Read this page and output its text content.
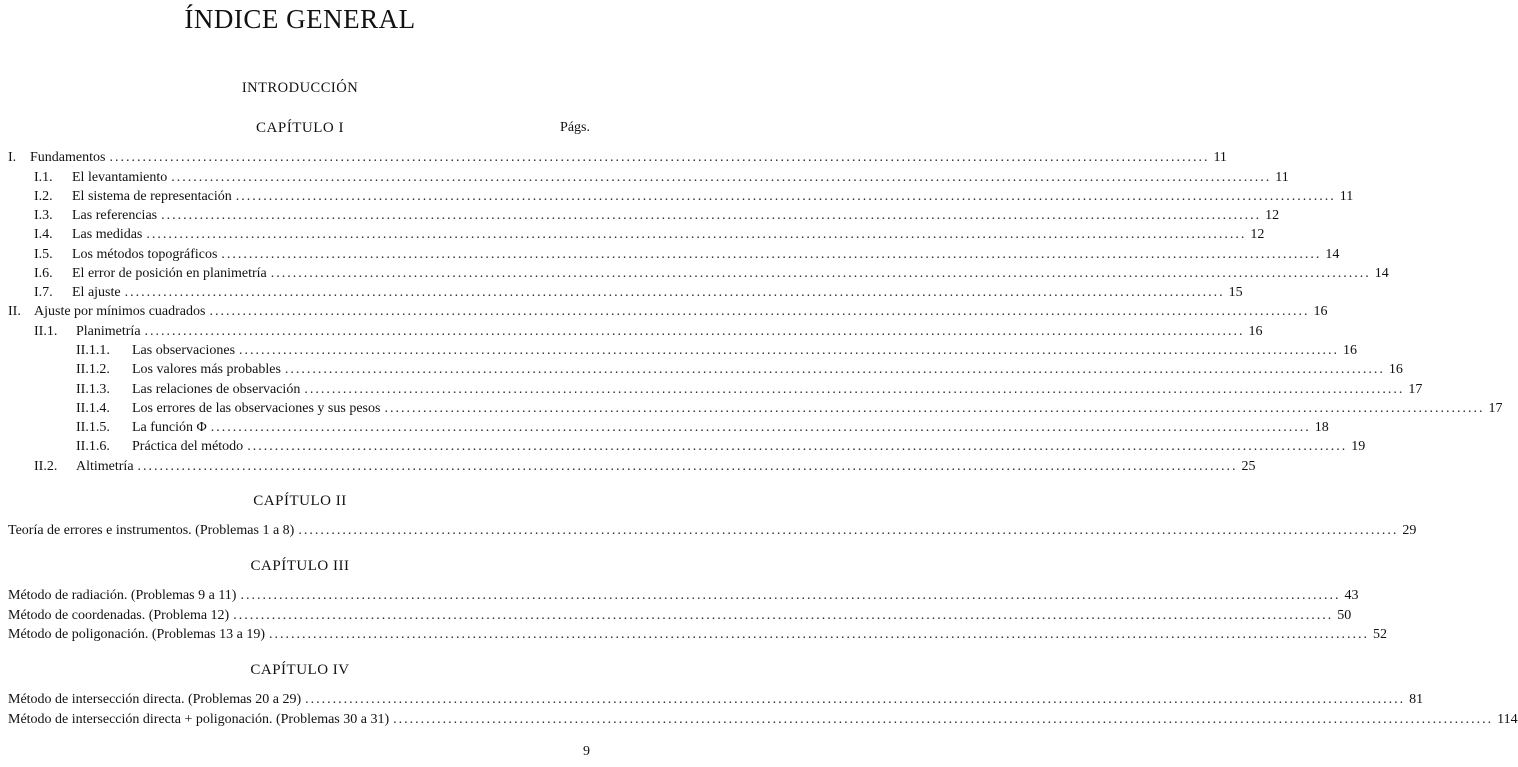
ÍNDICE GENERAL
INTRODUCCIÓN
CAPÍTULO I	Págs.
I. Fundamentos ........................................................................................................................................................................................................ 11
I.1.	El levantamiento ........................................................................................................................................................................................................ 11
I.2.	El sistema de representación ........................................................................................................................................................................................................ 11
I.3.	Las referencias ........................................................................................................................................................................................................ 12
I.4.	Las medidas ........................................................................................................................................................................................................ 12
I.5.	Los métodos topográficos ........................................................................................................................................................................................................ 14
I.6.	El error de posición en planimetría ........................................................................................................................................................................................................ 14
I.7.	El ajuste ........................................................................................................................................................................................................ 15
II. Ajuste por mínimos cuadrados ........................................................................................................................................................................................................ 16
II.1.	Planimetría ........................................................................................................................................................................................................ 16
II.1.1.	Las observaciones ........................................................................................................................................................................................................ 16
II.1.2.	Los valores más probables ........................................................................................................................................................................................................ 16
II.1.3.	Las relaciones de observación ........................................................................................................................................................................................................ 17
II.1.4.	Los errores de las observaciones y sus pesos ........................................................................................................................................................................................................ 17
II.1.5.	La función Φ ........................................................................................................................................................................................................ 18
II.1.6.	Práctica del método ........................................................................................................................................................................................................ 19
II.2.	Altimetría ........................................................................................................................................................................................................ 25
CAPÍTULO II
Teoría de errores e instrumentos. (Problemas 1 a 8) ........................................................................................................................................................................................................ 29
CAPÍTULO III
Método de radiación. (Problemas 9 a 11) ........................................................................................................................................................................................................ 43
Método de coordenadas. (Problema 12) ........................................................................................................................................................................................................ 50
Método de poligonación. (Problemas 13 a 19) ........................................................................................................................................................................................................ 52
CAPÍTULO IV
Método de intersección directa. (Problemas 20 a 29) ........................................................................................................................................................................................................ 81
Método de intersección directa + poligonación. (Problemas 30 a 31) ........................................................................................................................................................................................................ 114
9
